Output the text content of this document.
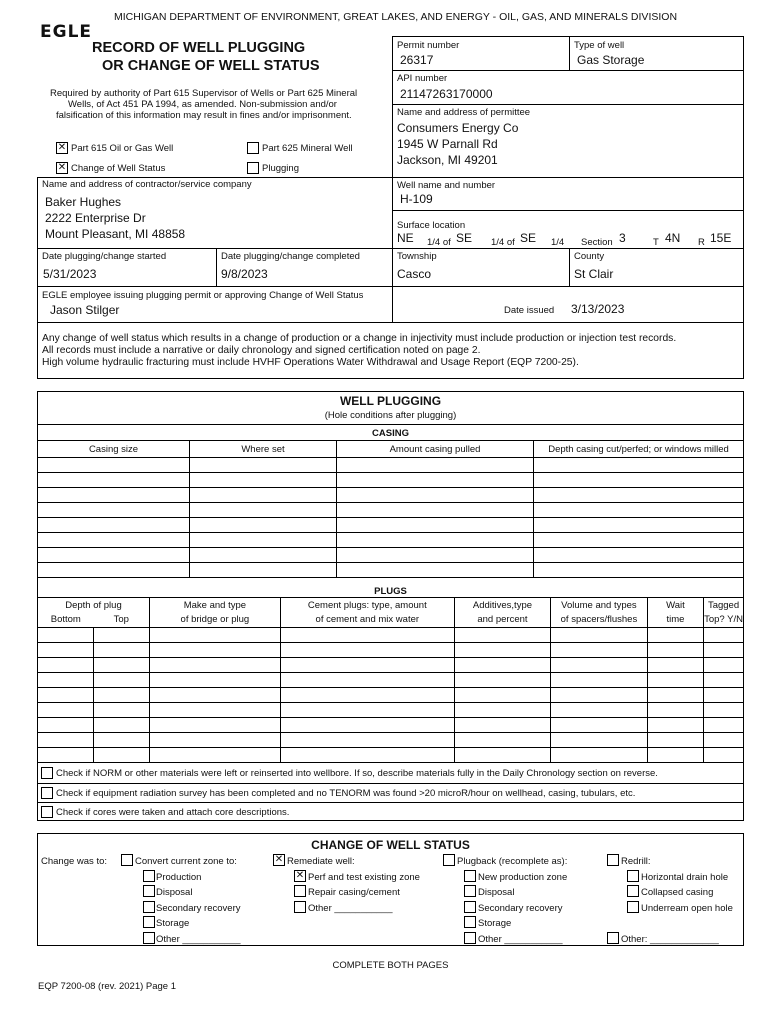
MICHIGAN DEPARTMENT OF ENVIRONMENT, GREAT LAKES, AND ENERGY - OIL, GAS, AND MINERALS DIVISION
EGLE
RECORD OF WELL PLUGGING
OR CHANGE OF WELL STATUS
Required by authority of Part 615 Supervisor of Wells or Part 625 Mineral
Wells, of Act 451 PA 1994, as amended. Non-submission and/or
falsification of this information may result in fines and/or imprisonment.
✕ Part 615 Oil or Gas Well	Part 625 Mineral Well
✕ Change of Well Status	Plugging
Permit number
26317
Type of well
Gas Storage
API number
21147263170000
Name and address of permittee
Consumers Energy Co
1945 W Parnall Rd
Jackson, MI 49201
Name and address of contractor/service company
Baker Hughes
2222 Enterprise Dr
Mount Pleasant, MI 48858
Well name and number
H-109
Surface location
NE 1/4 of SE 1/4 of SE 1/4 Section 3	T 4N R 15E
Date plugging/change started
5/31/2023
Date plugging/change completed
9/8/2023
Township
Casco
County
St Clair
EGLE employee issuing plugging permit or approving Change of Well Status
Jason Stilger	Date issued 3/13/2023
Any change of well status which results in a change of production or a change in injectivity must include production or injection test records.
All records must include a narrative or daily chronology and signed certification noted on page 2.
High volume hydraulic fracturing must include HVHF Operations Water Withdrawal and Usage Report (EQP 7200-25).
WELL PLUGGING
(Hole conditions after plugging)
CASING
Casing size	Where set	Amount casing pulled	Depth casing cut/perfed; or windows milled

PLUGS
Depth of plug		Make and type	Cement plugs: type, amount	Additives,type	Volume and types	Wait	Tagged
Bottom	Top	of bridge or plug	of cement and mix water	and percent	of spacers/flushes	time	Top? Y/N

Check if NORM or other materials were left or reinserted into wellbore. If so, describe materials fully in the Daily Chronology section on reverse.
Check if equipment radiation survey has been completed and no TENORM was found >20 microR/hour on wellhead, casing, tubulars, etc.
Check if cores were taken and attach core descriptions.
CHANGE OF WELL STATUS
Change was to:	Convert current zone to:
Production
Disposal
Secondary recovery
Storage
Other ___________
✕ Remediate well:
✕ Perf and test existing zone
Repair casing/cement
Other ___________
Plugback (recomplete as):
New production zone
Disposal
Secondary recovery
Storage
Other ___________
Redrill:
Horizontal drain hole
Collapsed casing
Underream open hole
Other: _____________
COMPLETE BOTH PAGES
EQP 7200-08 (rev. 2021) Page 1
